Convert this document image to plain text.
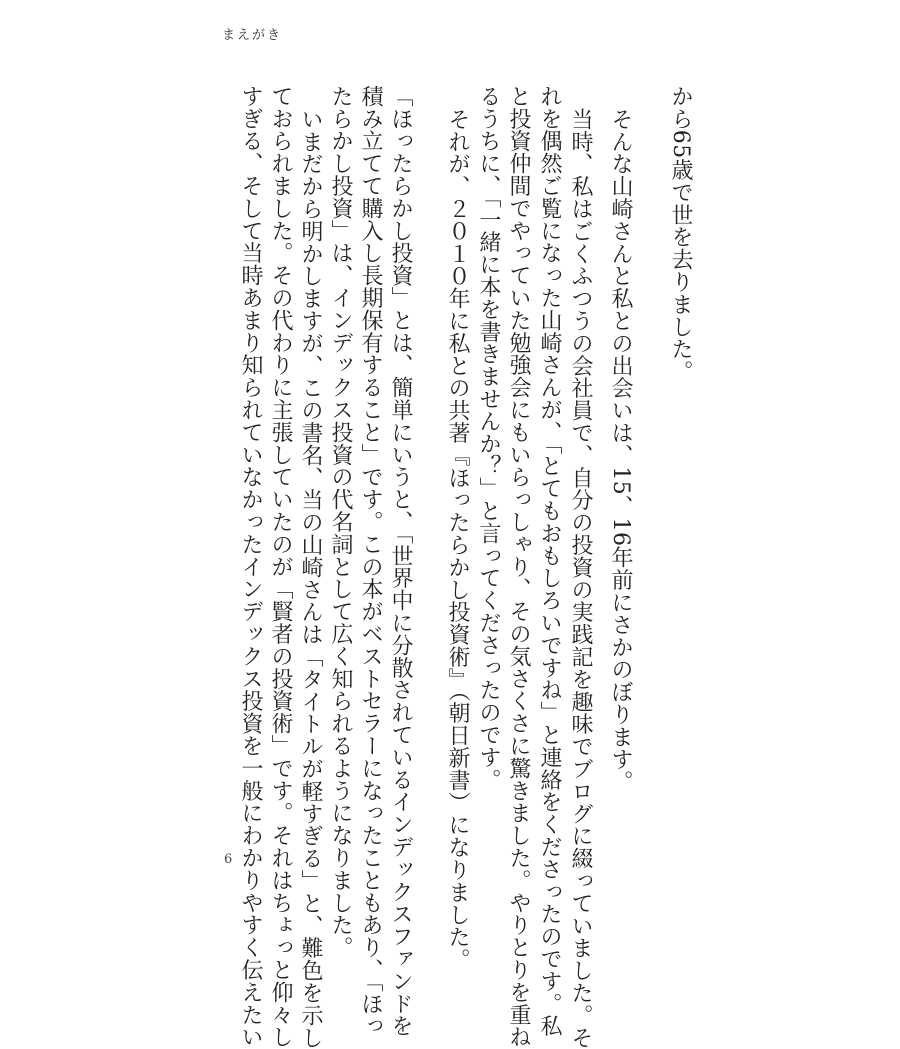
まえがき
から65歳で世を去りました。
そんな山崎さんと私との出会いは、15、16年前にさかのぼります。
当時、私はごくふつうの会社員で、自分の投資の実践記を趣味でブログに綴っていました。そ
れを偶然ご覧になった山崎さんが、「とてもおもしろいですね」と連絡をくださったのです。私
と投資仲間でやっていた勉強会にもいらっしゃり、その気さくさに驚きました。やりとりを重ね
るうちに、「一緒に本を書きませんか？」と言ってくださったのです。
それが、２０１０年に私との共著『ほったらかし投資術』（朝日新書）になりました。
「ほったらかし投資」とは、簡単にいうと、「世界中に分散されているインデックスファンドを
積み立てて購入し長期保有すること」です。この本がベストセラーになったこともあり、「ほっ
たらかし投資」は、インデックス投資の代名詞として広く知られるようになりました。
いまだから明かしますが、この書名、当の山崎さんは「タイトルが軽すぎる」と、難色を示し
ておられました。その代わりに主張していたのが「賢者の投資術」です。それはちょっと仰々し
すぎる、そして当時あまり知られていなかったインデックス投資を一般にわかりやすく伝えたい
6
